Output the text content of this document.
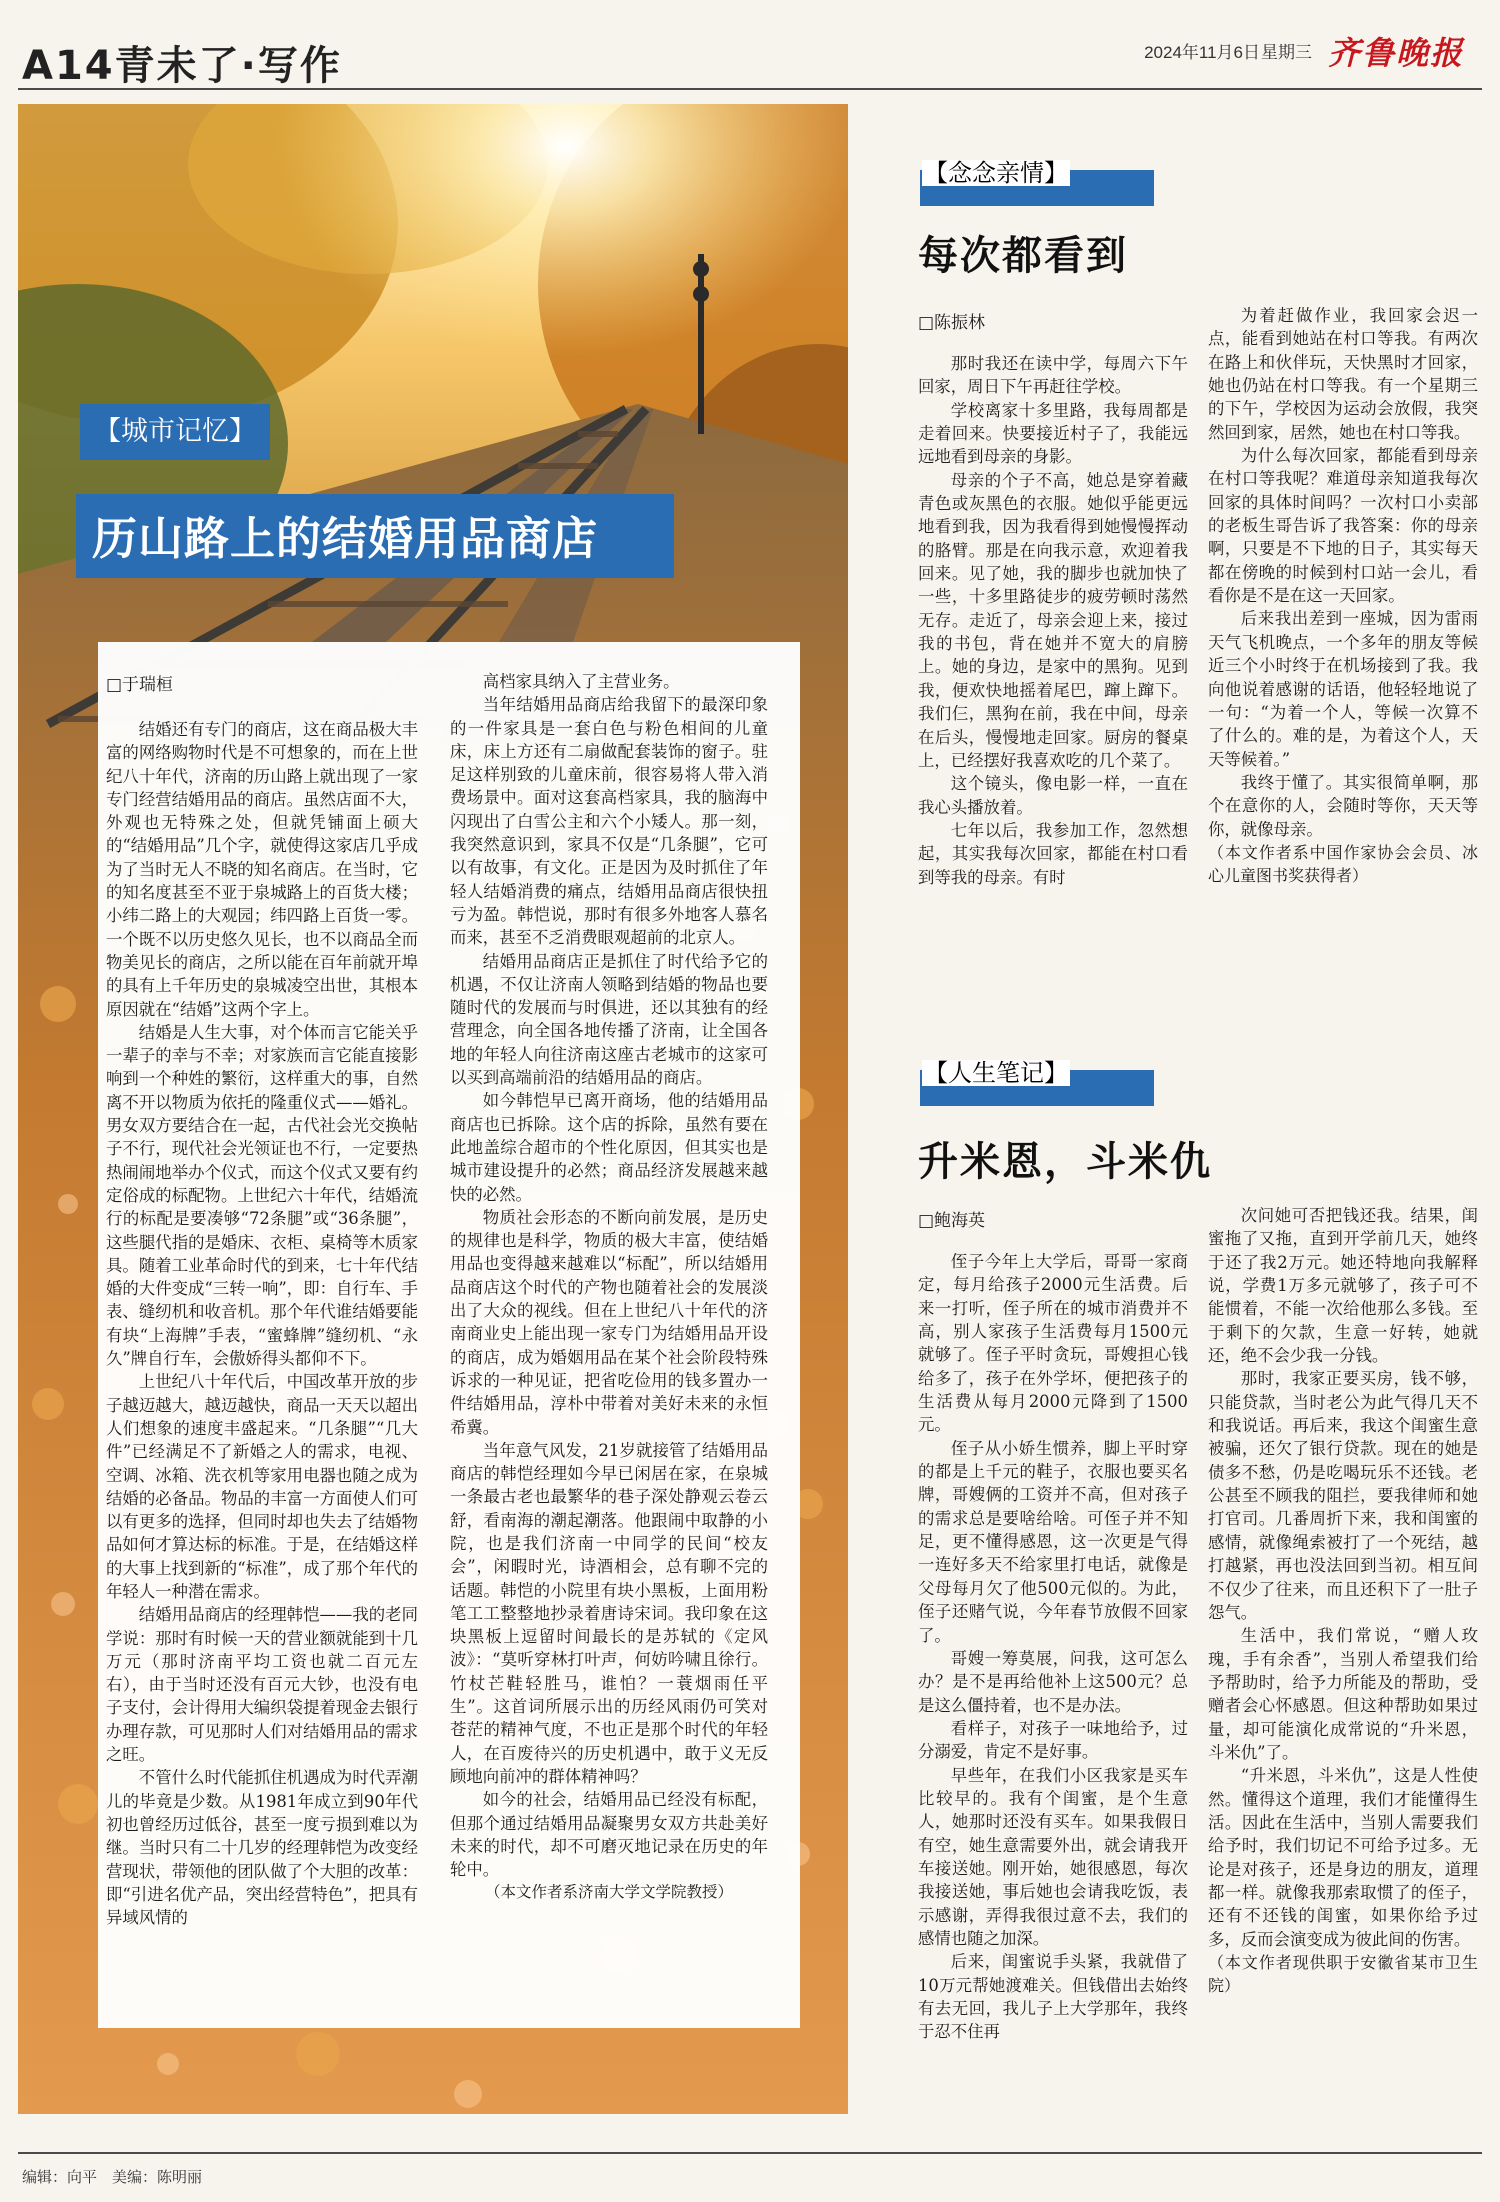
A14青未了·写作	2024年11月6日 星期三 齐鲁晚报
【城市记忆】
历山路上的结婚用品商店
□于瑞桓

结婚还有专门的商店，这在商品极大丰富的网络购物时代是不可想象的，而在上世纪八十年代，济南的历山路上就出现了一家专门经营结婚用品的商店。虽然店面不大，外观也无特殊之处，但就凭铺面上硕大的“结婚用品”几个字，就使得这家店几乎成为了当时无人不晓的知名商店。在当时，它的知名度甚至不亚于泉城路上的百货大楼；小纬二路上的大观园；纬四路上百货一零。一个既不以历史悠久见长，也不以商品全而物美见长的商店，之所以能在百年前就开埠的具有上千年历史的泉城凌空出世，其根本原因就在“结婚”这两个字上。

结婚是人生大事，对个体而言它能关乎一辈子的幸与不幸；对家族而言它能直接影响到一个种姓的繁衍，这样重大的事，自然离不开以物质为依托的隆重仪式——婚礼。男女双方要结合在一起，古代社会光交换帖子不行，现代社会光领证也不行，一定要热热闹闹地举办个仪式，而这个仪式又要有约定俗成的标配物。上世纪六十年代，结婚流行的标配是要凑够“72条腿”或“36条腿”，这些腿代指的是婚床、衣柜、桌椅等木质家具。随着工业革命时代的到来，七十年代结婚的大件变成“三转一响”，即：自行车、手表、缝纫机和收音机。那个年代谁结婚要能有块“上海牌”手表，“蜜蜂牌”缝纫机、“永久”牌自行车，会傲娇得头都仰不下。

上世纪八十年代后，中国改革开放的步子越迈越大，越迈越快，商品一天天以超出人们想象的速度丰盛起来。“几条腿”“几大件”已经满足不了新婚之人的需求，电视、空调、冰箱、洗衣机等家用电器也随之成为结婚的必备品。物品的丰富一方面使人们可以有更多的选择，但同时却也失去了结婚物品如何才算达标的标准。于是，在结婚这样的大事上找到新的“标准”，成了那个年代的年轻人一种潜在需求。

结婚用品商店的经理韩恺——我的老同学说：那时有时候一天的营业额就能到十几万元（那时济南平均工资也就二百元左右），由于当时还没有百元大钞，也没有电子支付，会计得用大编织袋提着现金去银行办理存款，可见那时人们对结婚用品的需求之旺。

不管什么时代能抓住机遇成为时代弄潮儿的毕竟是少数。从1981年成立到90年代初也曾经历过低谷，甚至一度亏损到难以为继。当时只有二十几岁的经理韩恺为改变经营现状，带领他的团队做了个大胆的改革：即“引进名优产品，突出经营特色”，把具有异域风情的

高档家具纳入了主营业务。

当年结婚用品商店给我留下的最深印象的一件家具是一套白色与粉色相间的儿童床，床上方还有二扇做配套装饰的窗子。驻足这样别致的儿童床前，很容易将人带入消费场景中。面对这套高档家具，我的脑海中闪现出了白雪公主和六个小矮人。那一刻，我突然意识到，家具不仅是“几条腿”，它可以有故事，有文化。正是因为及时抓住了年轻人结婚消费的痛点，结婚用品商店很快扭亏为盈。韩恺说，那时有很多外地客人慕名而来，甚至不乏消费眼观超前的北京人。

结婚用品商店正是抓住了时代给予它的机遇，不仅让济南人领略到结婚的物品也要随时代的发展而与时俱进，还以其独有的经营理念，向全国各地传播了济南，让全国各地的年轻人向往济南这座古老城市的这家可以买到高端前沿的结婚用品的商店。

如今韩恺早已离开商场，他的结婚用品商店也已拆除。这个店的拆除，虽然有要在此地盖综合超市的个性化原因，但其实也是城市建设提升的必然；商品经济发展越来越快的必然。

物质社会形态的不断向前发展，是历史的规律也是科学，物质的极大丰富，使结婚用品也变得越来越难以“标配”，所以结婚用品商店这个时代的产物也随着社会的发展淡出了大众的视线。但在上世纪八十年代的济南商业史上能出现一家专门为结婚用品开设的商店，成为婚姻用品在某个社会阶段特殊诉求的一种见证，把省吃俭用的钱多置办一件结婚用品，淳朴中带着对美好未来的永恒希冀。

当年意气风发，21岁就接管了结婚用品商店的韩恺经理如今早已闲居在家，在泉城一条最古老也最繁华的巷子深处静观云卷云舒，看南海的潮起潮落。他跟闹中取静的小院，也是我们济南一中同学的民间“校友会”，闲暇时光，诗酒相会，总有聊不完的话题。韩恺的小院里有块小黑板，上面用粉笔工工整整地抄录着唐诗宋词。我印象在这块黑板上逗留时间最长的是苏轼的《定风波》：“莫听穿林打叶声，何妨吟啸且徐行。竹杖芒鞋轻胜马，谁怕？一蓑烟雨任平生”。这首词所展示出的历经风雨仍可笑对苍茫的精神气度，不也正是那个时代的年轻人，在百废待兴的历史机遇中，敢于义无反顾地向前冲的群体精神吗？

如今的社会，结婚用品已经没有标配，但那个通过结婚用品凝聚男女双方共赴美好未来的时代，却不可磨灭地记录在历史的年轮中。

（本文作者系济南大学文学院教授）

【念念亲情】
每次都看到
□陈振林

那时我还在读中学，每周六下午回家，周日下午再赶往学校。

学校离家十多里路，我每周都是走着回来。快要接近村子了，我能远远地看到母亲的身影。

母亲的个子不高，她总是穿着藏青色或灰黑色的衣服。她似乎能更远地看到我，因为我看得到她慢慢挥动的胳臂。那是在向我示意，欢迎着我回来。见了她，我的脚步也就加快了一些，十多里路徒步的疲劳顿时荡然无存。走近了，母亲会迎上来，接过我的书包，背在她并不宽大的肩膀上。她的身边，是家中的黑狗。见到我，便欢快地摇着尾巴，蹿上蹿下。我们仨，黑狗在前，我在中间，母亲在后头，慢慢地走回家。厨房的餐桌上，已经摆好我喜欢吃的几个菜了。

这个镜头，像电影一样，一直在我心头播放着。

七年以后，我参加工作，忽然想起，其实我每次回家，都能在村口看到等我的母亲。有时

为着赶做作业，我回家会迟一点，能看到她站在村口等我。有两次在路上和伙伴玩，天快黑时才回家，她也仍站在村口等我。有一个星期三的下午，学校因为运动会放假，我突然回到家，居然，她也在村口等我。

为什么每次回家，都能看到母亲在村口等我呢？难道母亲知道我每次回家的具体时间吗？一次村口小卖部的老板生哥告诉了我答案：你的母亲啊，只要是不下地的日子，其实每天都在傍晚的时候到村口站一会儿，看看你是不是在这一天回家。

后来我出差到一座城，因为雷雨天气飞机晚点，一个多年的朋友等候近三个小时终于在机场接到了我。我向他说着感谢的话语，他轻轻地说了一句：“为着一个人，等候一次算不了什么的。难的是，为着这个人，天天等候着。”

我终于懂了。其实很简单啊，那个在意你的人，会随时等你，天天等你，就像母亲。

（本文作者系中国作家协会会员、冰心儿童图书奖获得者）

【人生笔记】
升米恩，斗米仇
□鲍海英

侄子今年上大学后，哥哥一家商定，每月给孩子2000元生活费。后来一打听，侄子所在的城市消费并不高，别人家孩子生活费每月1500元就够了。侄子平时贪玩，哥嫂担心钱给多了，孩子在外学坏，便把孩子的生活费从每月2000元降到了1500元。

侄子从小娇生惯养，脚上平时穿的都是上千元的鞋子，衣服也要买名牌，哥嫂俩的工资并不高，但对孩子的需求总是要啥给啥。可侄子并不知足，更不懂得感恩，这一次更是气得一连好多天不给家里打电话，就像是父母每月欠了他500元似的。为此，侄子还赌气说，今年春节放假不回家了。

哥嫂一筹莫展，问我，这可怎么办？是不是再给他补上这500元？总是这么僵持着，也不是办法。

看样子，对孩子一味地给予，过分溺爱，肯定不是好事。

早些年，在我们小区我家是买车比较早的。我有个闺蜜，是个生意人，她那时还没有买车。如果我假日有空，她生意需要外出，就会请我开车接送她。刚开始，她很感恩，每次我接送她，事后她也会请我吃饭，表示感谢，弄得我很过意不去，我们的感情也随之加深。

后来，闺蜜说手头紧，我就借了10万元帮她渡难关。但钱借出去始终有去无回，我儿子上大学那年，我终于忍不住再

次问她可否把钱还我。结果，闺蜜拖了又拖，直到开学前几天，她终于还了我2万元。她还特地向我解释说，学费1万多元就够了，孩子可不能惯着，不能一次给他那么多钱。至于剩下的欠款，生意一好转，她就还，绝不会少我一分钱。

那时，我家正要买房，钱不够，只能贷款，当时老公为此气得几天不和我说话。再后来，我这个闺蜜生意被骗，还欠了银行贷款。现在的她是债多不愁，仍是吃喝玩乐不还钱。老公甚至不顾我的阻拦，要我律师和她打官司。几番周折下来，我和闺蜜的感情，就像绳索被打了一个死结，越打越紧，再也没法回到当初。相互间不仅少了往来，而且还积下了一肚子怨气。

生活中，我们常说，“赠人玫瑰，手有余香”，当别人希望我们给予帮助时，给予力所能及的帮助，受赠者会心怀感恩。但这种帮助如果过量，却可能演化成常说的“升米恩，斗米仇”了。

“升米恩，斗米仇”，这是人性使然。懂得这个道理，我们才能懂得生活。因此在生活中，当别人需要我们给予时，我们切记不可给予过多。无论是对孩子，还是身边的朋友，道理都一样。就像我那索取惯了的侄子，还有不还钱的闺蜜，如果你给予过多，反而会演变成为彼此间的伤害。

（本文作者现供职于安徽省某市卫生院）

编辑：向平　美编：陈明丽
